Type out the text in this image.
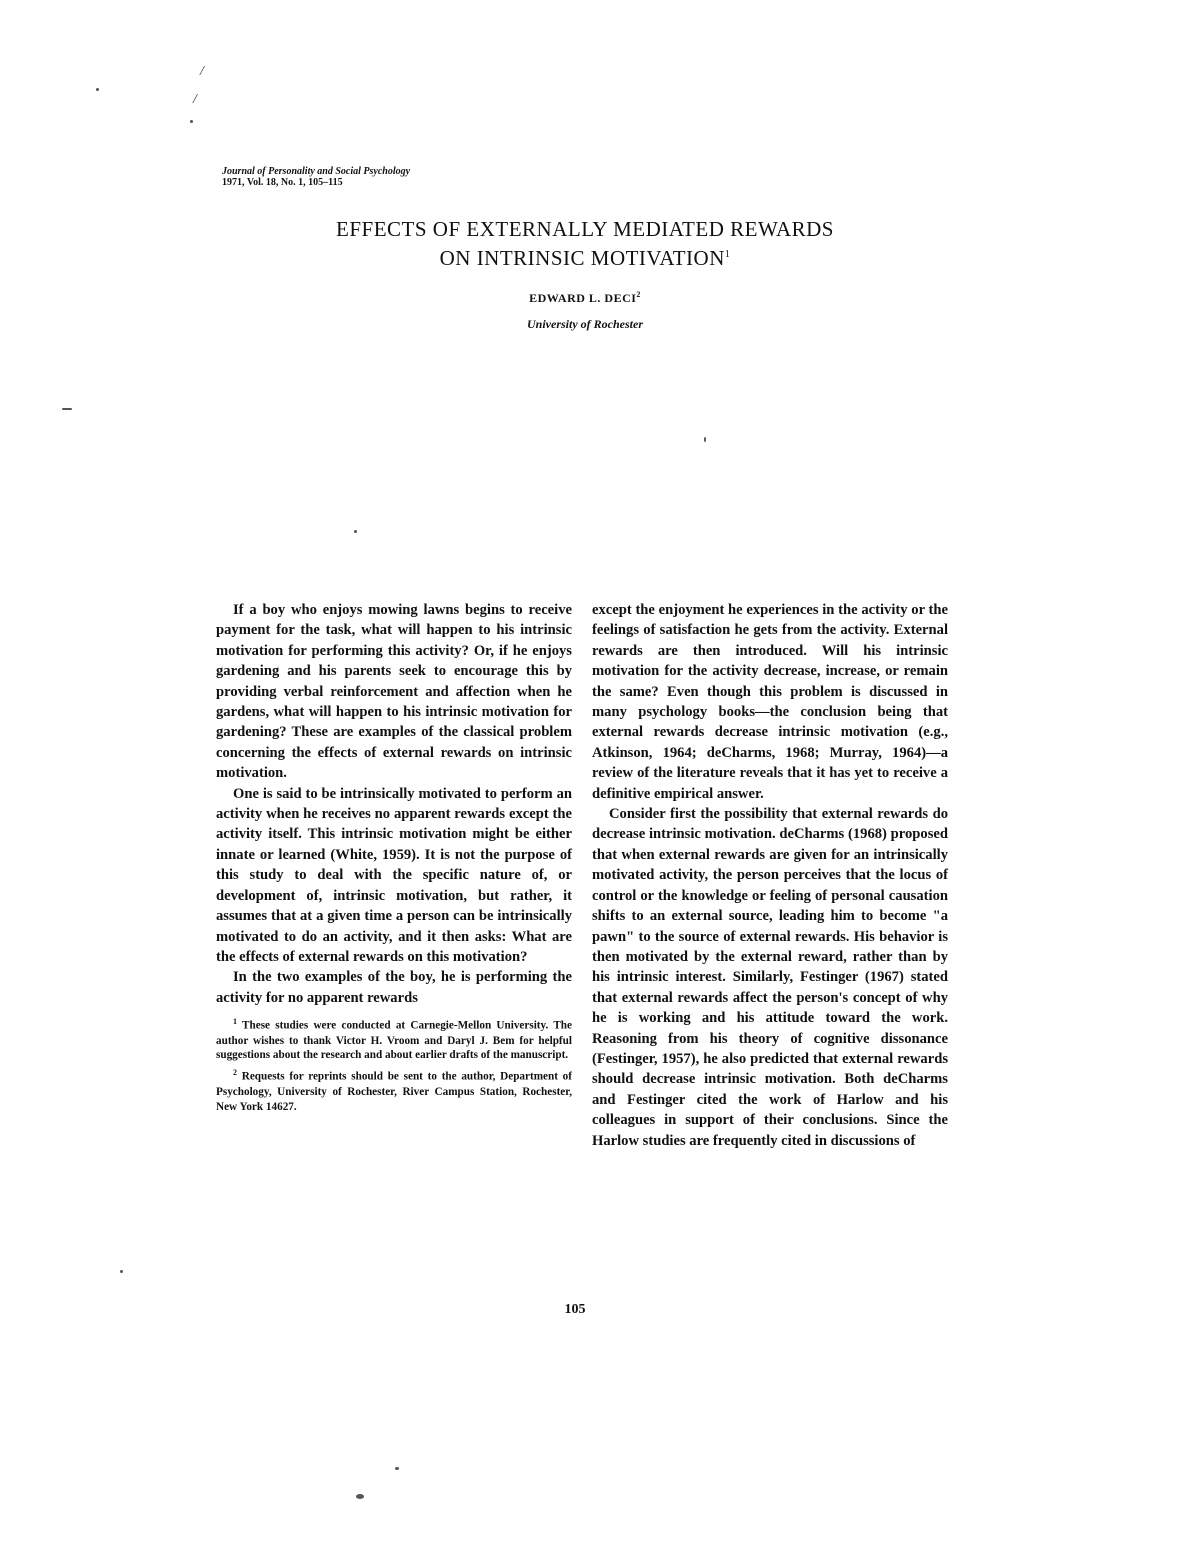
/
/
Journal of Personality and Social Psychology
1971, Vol. 18, No. 1, 105–115
EFFECTS OF EXTERNALLY MEDIATED REWARDS
ON INTRINSIC MOTIVATION$^1$
EDWARD L. DECI$^2$
University of Rochester

If a boy who enjoys mowing lawns begins to receive payment for the task, what will happen to his intrinsic motivation for performing this activity? Or, if he enjoys gardening and his parents seek to encourage this by providing verbal reinforcement and affection when he gardens, what will happen to his intrinsic motivation for gardening? These are examples of the classical problem concerning the effects of external rewards on intrinsic motivation.

One is said to be intrinsically motivated to perform an activity when he receives no apparent rewards except the activity itself. This intrinsic motivation might be either innate or learned (White, 1959). It is not the purpose of this study to deal with the specific nature of, or development of, intrinsic motivation, but rather, it assumes that at a given time a person can be intrinsically motivated to do an activity, and it then asks: What are the effects of external rewards on this motivation?

In the two examples of the boy, he is performing the activity for no apparent rewards

$^1$ These studies were conducted at Carnegie-Mellon University. The author wishes to thank Victor H. Vroom and Daryl J. Bem for helpful suggestions about the research and about earlier drafts of the manuscript.

$^2$ Requests for reprints should be sent to the author, Department of Psychology, University of Rochester, River Campus Station, Rochester, New York 14627.

except the enjoyment he experiences in the activity or the feelings of satisfaction he gets from the activity. External rewards are then introduced. Will his intrinsic motivation for the activity decrease, increase, or remain the same? Even though this problem is discussed in many psychology books—the conclusion being that external rewards decrease intrinsic motivation (e.g., Atkinson, 1964; deCharms, 1968; Murray, 1964)—a review of the literature reveals that it has yet to receive a definitive empirical answer.

Consider first the possibility that external rewards do decrease intrinsic motivation. deCharms (1968) proposed that when external rewards are given for an intrinsically motivated activity, the person perceives that the locus of control or the knowledge or feeling of personal causation shifts to an external source, leading him to become "a pawn" to the source of external rewards. His behavior is then motivated by the external reward, rather than by his intrinsic interest. Similarly, Festinger (1967) stated that external rewards affect the person's concept of why he is working and his attitude toward the work. Reasoning from his theory of cognitive dissonance (Festinger, 1957), he also predicted that external rewards should decrease intrinsic motivation. Both deCharms and Festinger cited the work of Harlow and his colleagues in support of their conclusions. Since the Harlow studies are frequently cited in discussions of

105
